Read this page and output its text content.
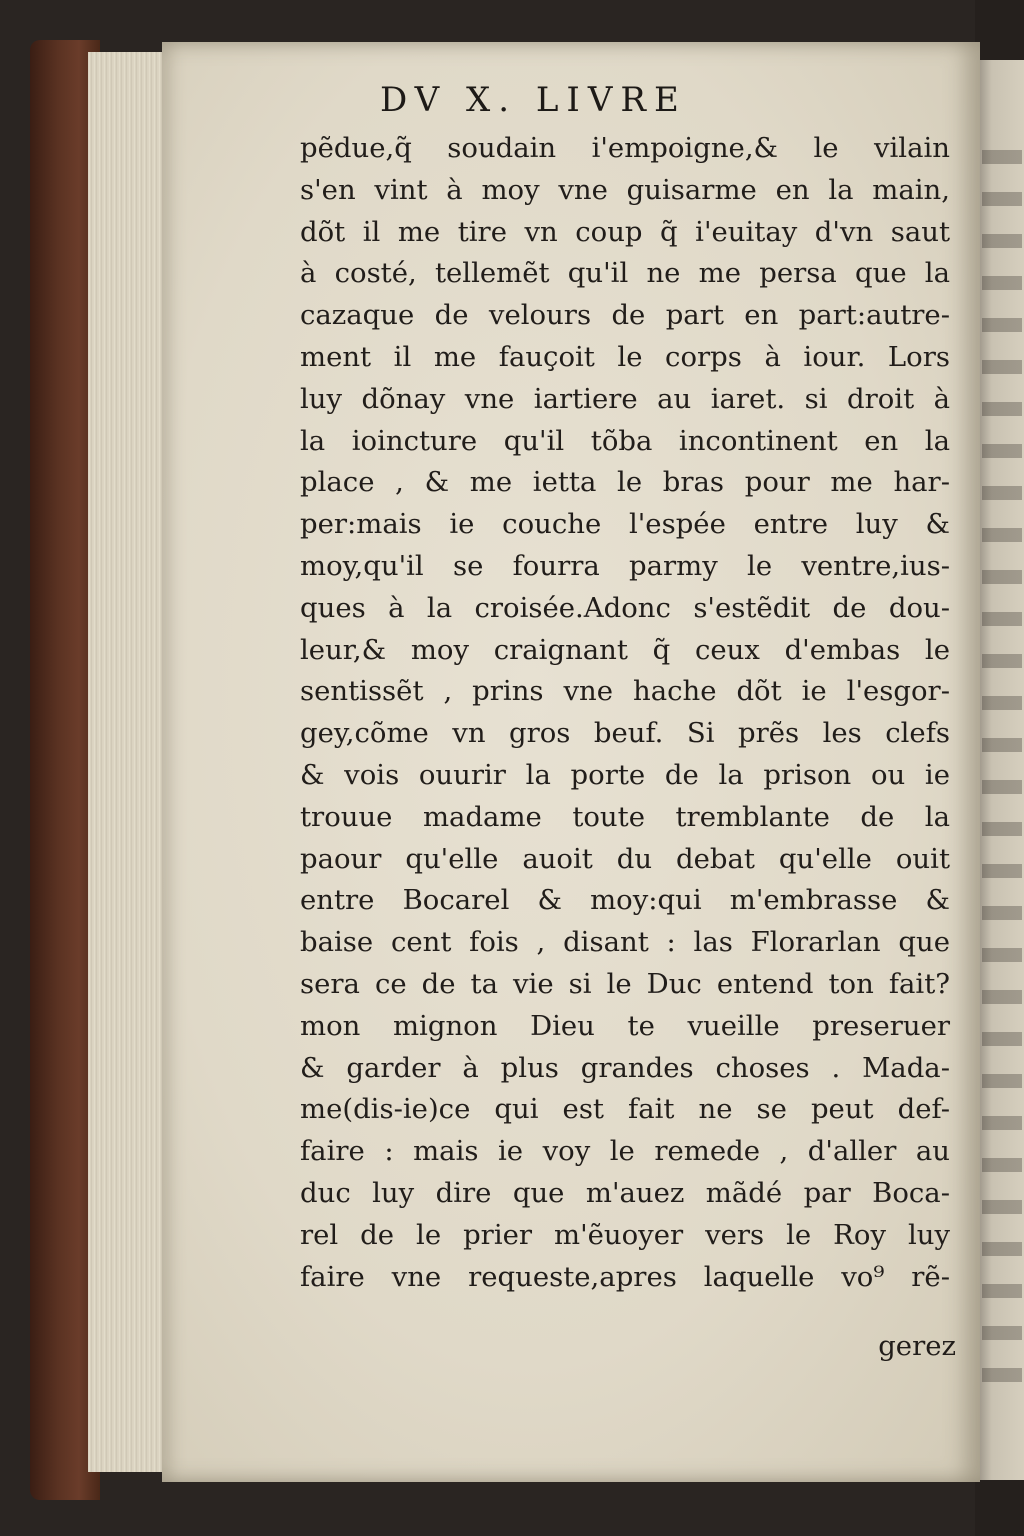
DV X. LIVRE
pẽdue,q̃ soudain i'empoigne,& le vilain
s'en vint à moy vne guisarme en la main,
dõt il me tire vn coup q̃ i'euitay d'vn saut
à costé, tellemẽt qu'il ne me persa que la
cazaque de velours de part en part:autre-
ment il me fauçoit le corps à iour. Lors
luy dõnay vne iartiere au iaret. si droit à
la ioincture qu'il tõba incontinent en la
place , & me ietta le bras pour me har-
per:mais ie couche l'espée entre luy &
moy,qu'il se fourra parmy le ventre,ius-
ques à la croisée.Adonc s'estẽdit de dou-
leur,& moy craignant q̃ ceux d'embas le
sentissẽt , prins vne hache dõt ie l'esgor-
gey,cõme vn gros beuf. Si prẽs les clefs
& vois ouurir la porte de la prison ou ie
trouue madame toute tremblante de la
paour qu'elle auoit du debat qu'elle ouit
entre Bocarel & moy:qui m'embrasse &
baise cent fois , disant : las Florarlan que
sera ce de ta vie si le Duc entend ton fait?
mon mignon Dieu te vueille preseruer
& garder à plus grandes choses . Mada-
me(dis-ie)ce qui est fait ne se peut def-
faire : mais ie voy le remede , d'aller au
duc luy dire que m'auez mãdé par Boca-
rel de le prier m'ẽuoyer vers le Roy luy
faire vne requeste,apres laquelle vo⁹ rẽ-
gerez
